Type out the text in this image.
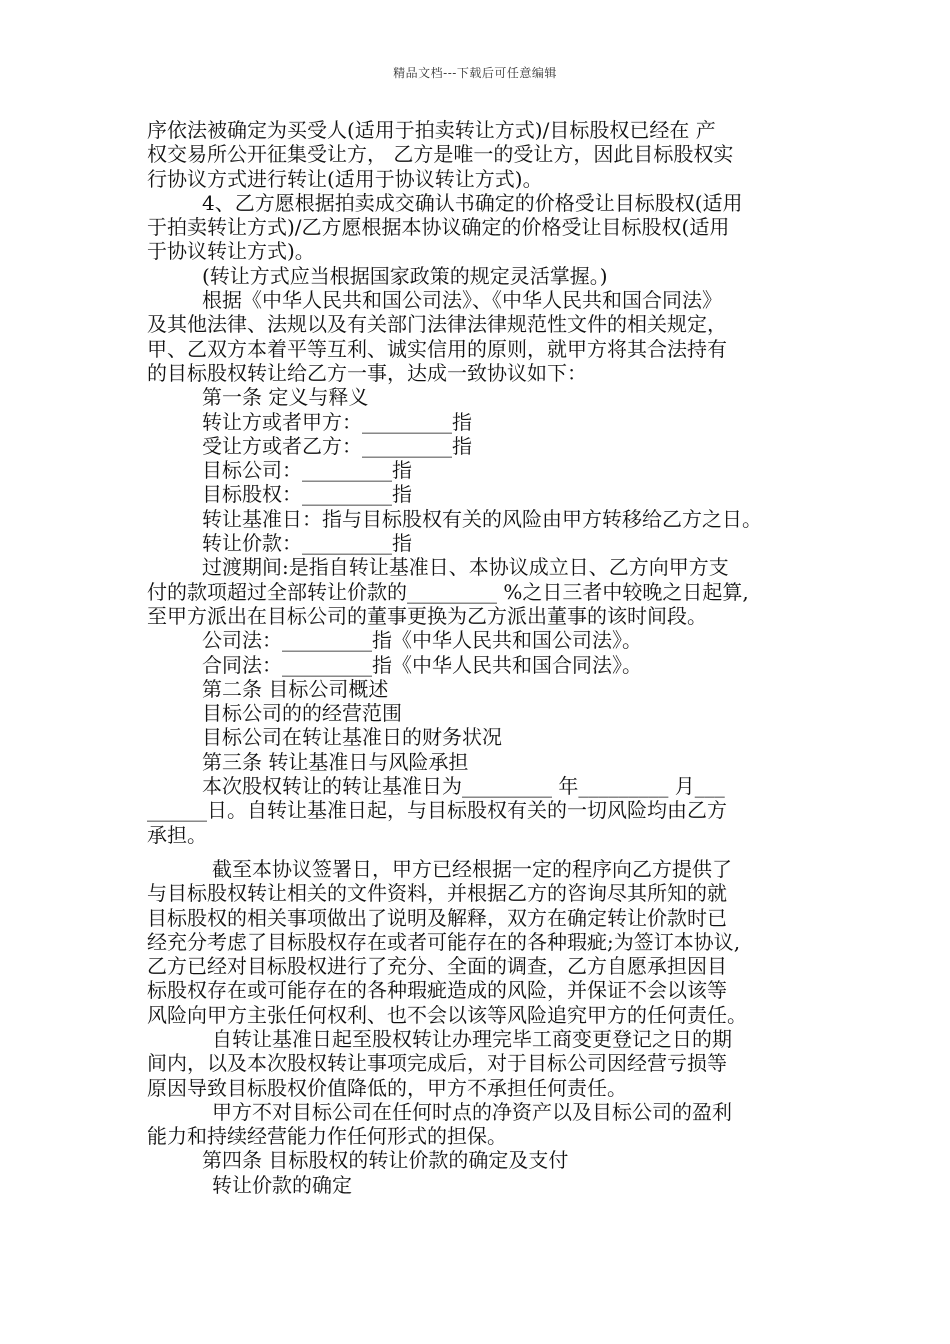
精品文档---下载后可任意编辑
序依法被确定为买受人(适用于拍卖转让方式)/目标股权已经在 产
权交易所公开征集受让方， 乙方是唯一的受让方，因此目标股权实
行协议方式进行转让(适用于协议转让方式)。
4、乙方愿根据拍卖成交确认书确定的价格受让目标股权(适用
于拍卖转让方式)/乙方愿根据本协议确定的价格受让目标股权(适用
于协议转让方式)。
(转让方式应当根据国家政策的规定灵活掌握。)
根据《中华人民共和国公司法》、《中华人民共和国合同法》
及其他法律、法规以及有关部门法律法律规范性文件的相关规定，
甲、乙双方本着平等互利、诚实信用的原则，就甲方将其合法持有
的目标股权转让给乙方一事，达成一致协议如下：
第一条 定义与释义
转让方或者甲方：_________指
受让方或者乙方：_________指
目标公司：_________指
目标股权：_________指
转让基准日：指与目标股权有关的风险由甲方转移给乙方之日。
转让价款：_________指
过渡期间:是指自转让基准日、本协议成立日、乙方向甲方支
付的款项超过全部转让价款的_________ %之日三者中较晚之日起算,
至甲方派出在目标公司的董事更换为乙方派出董事的该时间段。
公司法：_________指《中华人民共和国公司法》。
合同法：_________指《中华人民共和国合同法》。
第二条 目标公司概述
目标公司的的经营范围
目标公司在转让基准日的财务状况
第三条 转让基准日与风险承担
本次股权转让的转让基准日为_________ 年_________ 月___
______日。自转让基准日起，与目标股权有关的一切风险均由乙方
承担。
截至本协议签署日，甲方已经根据一定的程序向乙方提供了
与目标股权转让相关的文件资料，并根据乙方的咨询尽其所知的就
目标股权的相关事项做出了说明及解释，双方在确定转让价款时已
经充分考虑了目标股权存在或者可能存在的各种瑕疵;为签订本协议,
乙方已经对目标股权进行了充分、全面的调查，乙方自愿承担因目
标股权存在或可能存在的各种瑕疵造成的风险，并保证不会以该等
风险向甲方主张任何权利、也不会以该等风险追究甲方的任何责任。
自转让基准日起至股权转让办理完毕工商变更登记之日的期
间内，以及本次股权转让事项完成后，对于目标公司因经营亏损等
原因导致目标股权价值降低的，甲方不承担任何责任。
甲方不对目标公司在任何时点的净资产以及目标公司的盈利
能力和持续经营能力作任何形式的担保。
第四条 目标股权的转让价款的确定及支付
转让价款的确定
